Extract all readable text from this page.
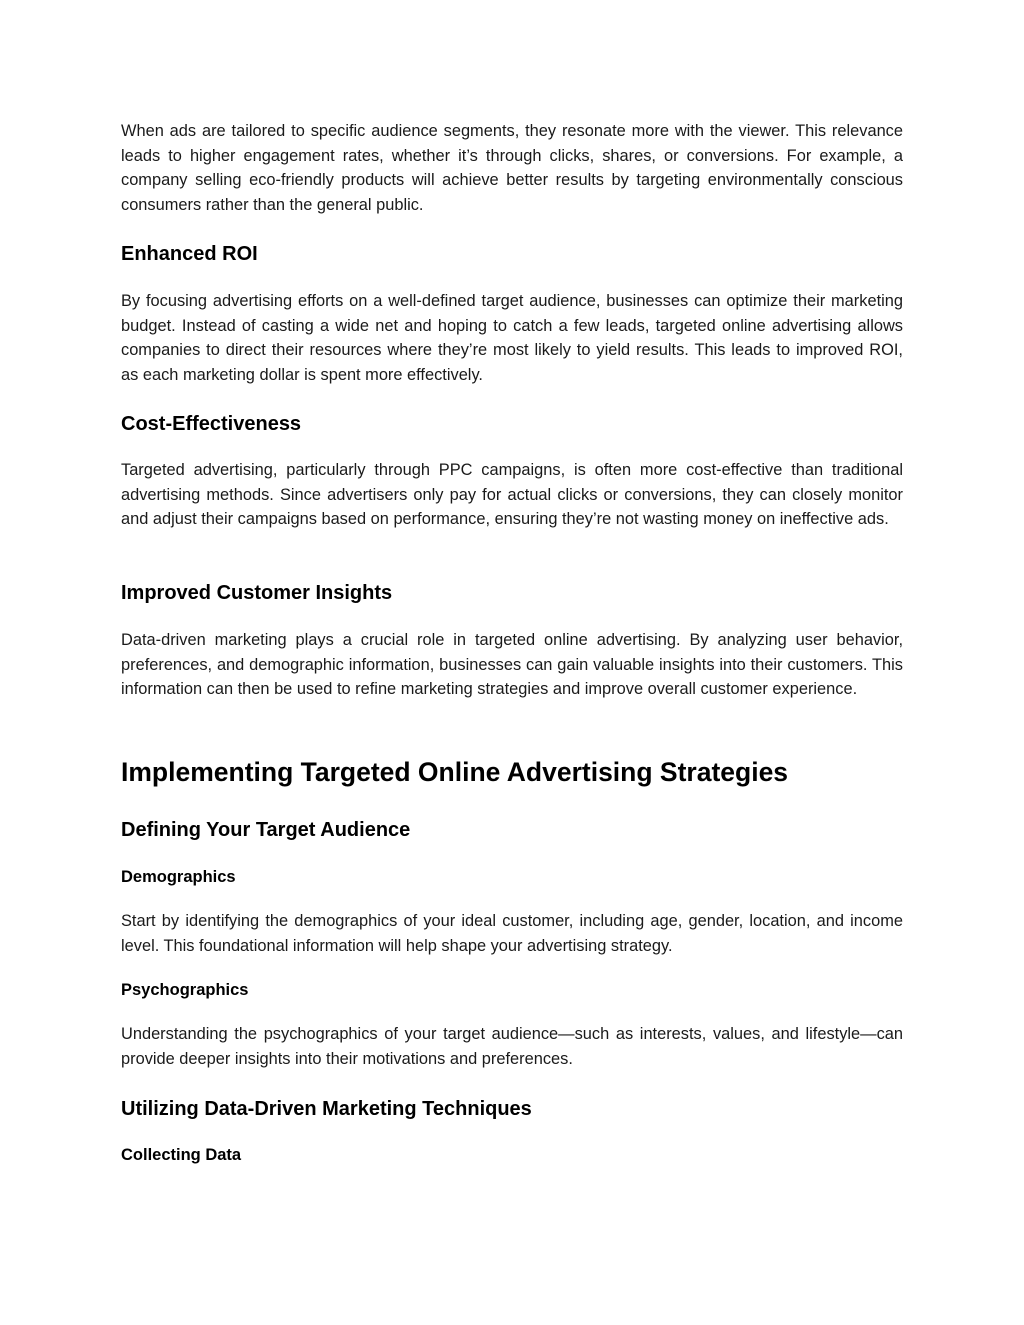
When ads are tailored to specific audience segments, they resonate more with the viewer. This relevance leads to higher engagement rates, whether it’s through clicks, shares, or conversions. For example, a company selling eco-friendly products will achieve better results by targeting environmentally conscious consumers rather than the general public.

Enhanced ROI

By focusing advertising efforts on a well-defined target audience, businesses can optimize their marketing budget. Instead of casting a wide net and hoping to catch a few leads, targeted online advertising allows companies to direct their resources where they’re most likely to yield results. This leads to improved ROI, as each marketing dollar is spent more effectively.

Cost-Effectiveness

Targeted advertising, particularly through PPC campaigns, is often more cost-effective than traditional advertising methods. Since advertisers only pay for actual clicks or conversions, they can closely monitor and adjust their campaigns based on performance, ensuring they’re not wasting money on ineffective ads.

Improved Customer Insights

Data-driven marketing plays a crucial role in targeted online advertising. By analyzing user behavior, preferences, and demographic information, businesses can gain valuable insights into their customers. This information can then be used to refine marketing strategies and improve overall customer experience.

Implementing Targeted Online Advertising Strategies
Defining Your Target Audience
Demographics

Start by identifying the demographics of your ideal customer, including age, gender, location, and income level. This foundational information will help shape your advertising strategy.

Psychographics

Understanding the psychographics of your target audience—such as interests, values, and lifestyle—can provide deeper insights into their motivations and preferences.

Utilizing Data-Driven Marketing Techniques
Collecting Data
